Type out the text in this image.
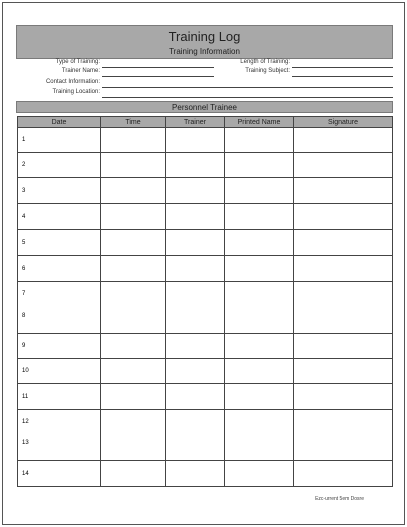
Training Log
Training Information
Type of Training:	Length of Training:
Trainer Name:	Training Subject:
Contact Information:
Training Location:
Personnel Trainee
Date	Time	Trainer	Printed Name	Signature

1				

2				

3				

4				

5				

6				

7
8				

9				

10				

11				

12
13				

14				

Ezc-urrent 5em Dosre
